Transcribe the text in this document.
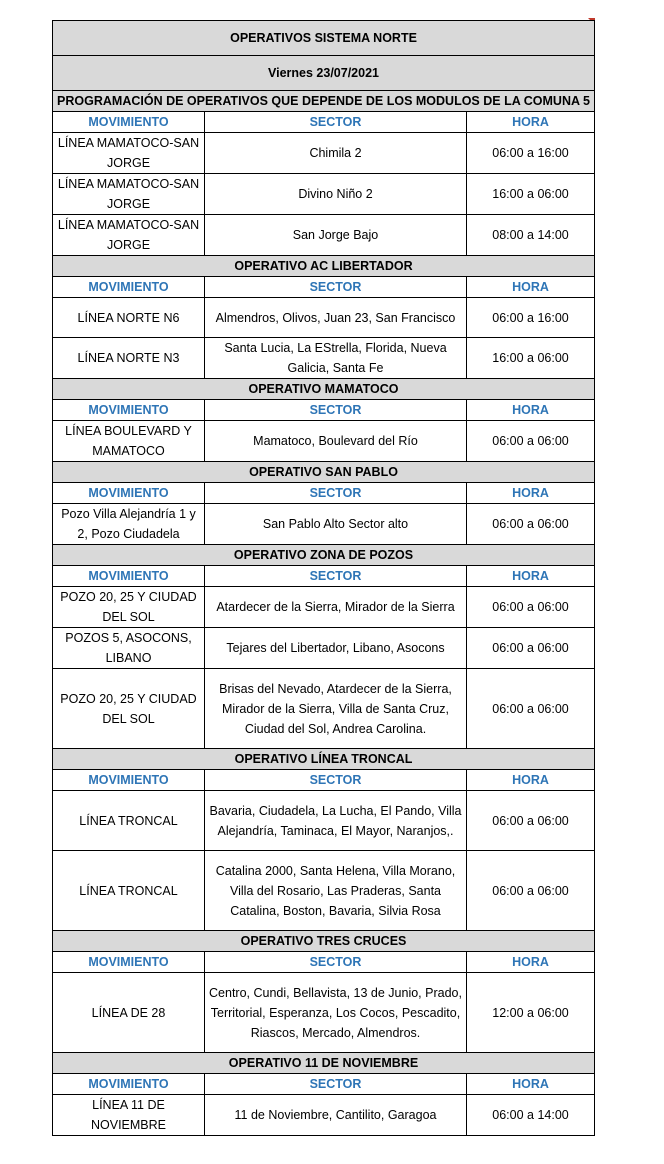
OPERATIVOS SISTEMA NORTE		
Viernes 23/07/2021		
PROGRAMACIÓN DE OPERATIVOS QUE DEPENDE DE LOS MODULOS DE LA COMUNA 5		
MOVIMIENTO	SECTOR	HORA
LÍNEA MAMATOCO-SAN JORGE	Chimila 2	06:00 a 16:00
LÍNEA MAMATOCO-SAN JORGE	Divino Niño 2	16:00 a 06:00
LÍNEA MAMATOCO-SAN JORGE	San Jorge Bajo	08:00 a 14:00
OPERATIVO AC LIBERTADOR		
MOVIMIENTO	SECTOR	HORA
LÍNEA NORTE N6	Almendros, Olivos, Juan 23, San Francisco	06:00 a 16:00
LÍNEA NORTE N3	Santa Lucia, La EStrella, Florida, Nueva Galicia, Santa Fe	16:00 a 06:00
OPERATIVO MAMATOCO		
MOVIMIENTO	SECTOR	HORA
LÍNEA BOULEVARD Y MAMATOCO	Mamatoco, Boulevard del Río	06:00 a 06:00
OPERATIVO SAN PABLO		
MOVIMIENTO	SECTOR	HORA
Pozo Villa Alejandría 1 y 2, Pozo Ciudadela	San Pablo Alto Sector alto	06:00 a 06:00
OPERATIVO ZONA DE POZOS		
MOVIMIENTO	SECTOR	HORA
POZO 20, 25 Y CIUDAD DEL SOL	Atardecer de la Sierra, Mirador de la Sierra	06:00 a 06:00
POZOS 5, ASOCONS, LIBANO	Tejares del Libertador, Libano, Asocons	06:00 a 06:00
POZO 20, 25 Y CIUDAD DEL SOL	Brisas del Nevado, Atardecer de la Sierra, Mirador de la Sierra, Villa de Santa Cruz, Ciudad del Sol, Andrea Carolina.	06:00 a 06:00
OPERATIVO LÍNEA TRONCAL		
MOVIMIENTO	SECTOR	HORA
LÍNEA TRONCAL	Bavaria, Ciudadela, La Lucha, El Pando, Villa Alejandría, Taminaca, El Mayor, Naranjos,.	06:00 a 06:00
LÍNEA TRONCAL	Catalina 2000, Santa Helena, Villa Morano, Villa del Rosario, Las Praderas, Santa Catalina, Boston, Bavaria, Silvia Rosa	06:00 a 06:00
OPERATIVO TRES CRUCES		
MOVIMIENTO	SECTOR	HORA
LÍNEA DE 28	Centro, Cundi, Bellavista, 13 de Junio, Prado, Territorial, Esperanza, Los Cocos, Pescadito, Riascos, Mercado, Almendros.	12:00 a 06:00
OPERATIVO 11 DE NOVIEMBRE		
MOVIMIENTO	SECTOR	HORA
LÍNEA 11 DE NOVIEMBRE	11 de Noviembre, Cantilito, Garagoa	06:00 a 14:00
